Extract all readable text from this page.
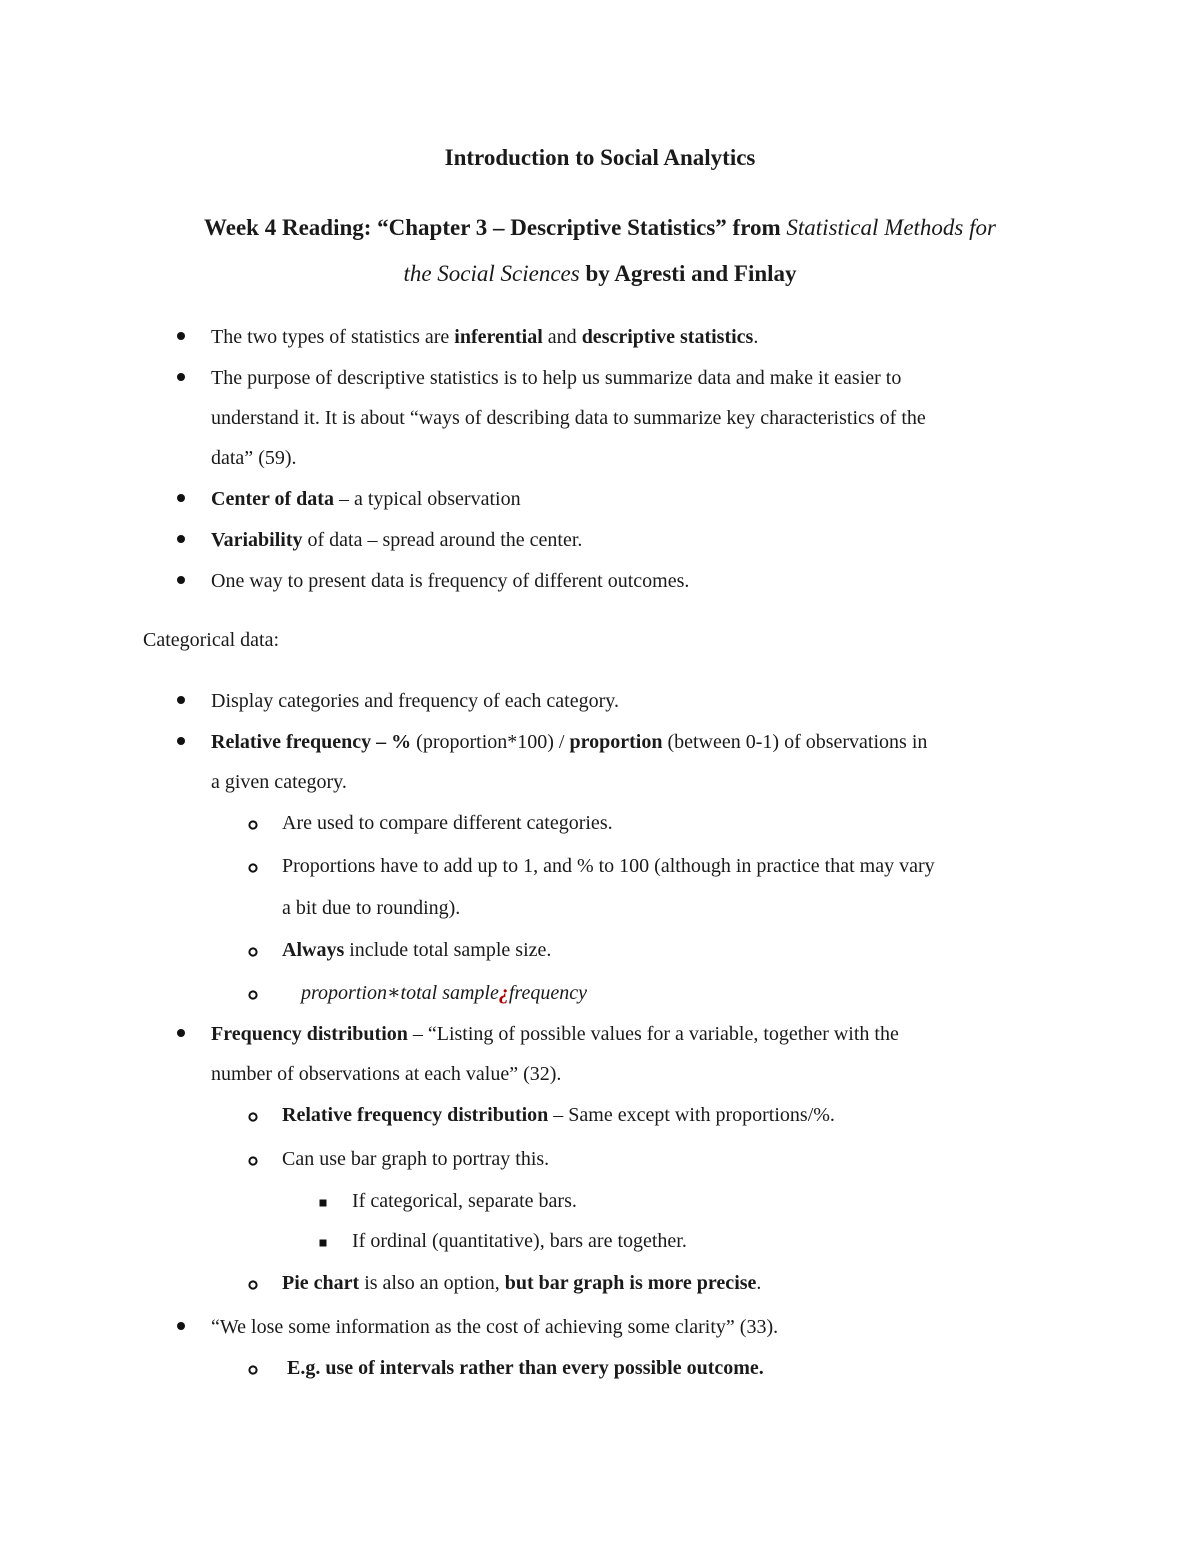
Introduction to Social Analytics
Week 4 Reading: “Chapter 3 – Descriptive Statistics” from Statistical Methods for
the Social Sciences by Agresti and Finlay
The two types of statistics are inferential and descriptive statistics.
The purpose of descriptive statistics is to help us summarize data and make it easier to
understand it. It is about “ways of describing data to summarize key characteristics of the
data” (59).
Center of data – a typical observation
Variability of data – spread around the center.
One way to present data is frequency of different outcomes.
Categorical data:
Display categories and frequency of each category.
Relative frequency – % (proportion*100) / proportion (between 0-1) of observations in
a given category.
Are used to compare different categories.
Proportions have to add up to 1, and % to 100 (although in practice that may vary
a bit due to rounding).
Always include total sample size.
proportion∗total sample¿frequency
Frequency distribution – “Listing of possible values for a variable, together with the
number of observations at each value” (32).
Relative frequency distribution – Same except with proportions/%.
Can use bar graph to portray this.
If categorical, separate bars.
If ordinal (quantitative), bars are together.
Pie chart is also an option, but bar graph is more precise.
“We lose some information as the cost of achieving some clarity” (33).
E.g. use of intervals rather than every possible outcome.
